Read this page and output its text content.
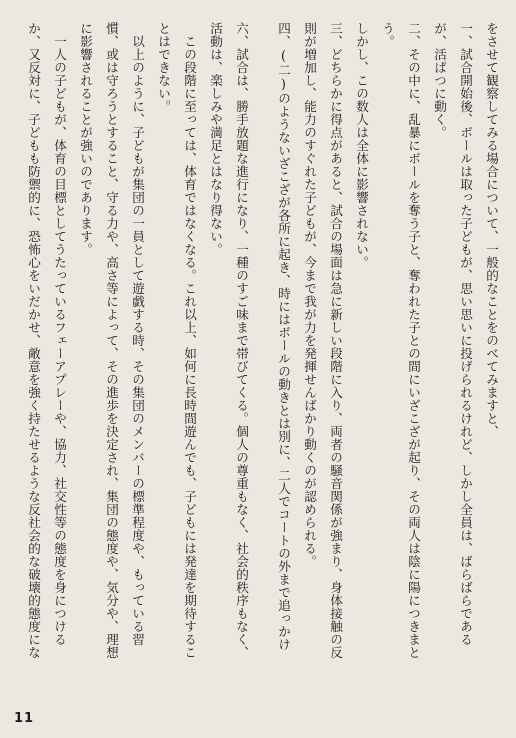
をさせて観察してみる場合について、一般的なことをのべてみますと、

一、試合開始後、ボールは取った子どもが、思い思いに投げられるけれど、しかし全員は、ばらばらであるが、活ぱつに動く。

二、その中に、乱暴にボールを奪う子と、奪われた子との間にいざこざが起り、その両人は陰に陽につきまとう。

しかし、この数人は全体に影響されない。

三、どちらかに得点があると、試合の場面は急に新しい段階に入り、両者の騒音関係が強まり、身体接触の反則が増加し、能力のすぐれた子どもが、今まで我が力を発揮せんばかり動くのが認められる。

四、(二)のようないざこざが各所に起き、時にはボールの動きとは別に、二人でコートの外まで追っかけ

六、試合は、勝手放題な進行になり、一種のすご味まで帯びてくる。個人の尊重もなく、社会的秩序もなく、活動は、楽しみや満足とはなり得ない。

この段階に至っては、体育ではなくなる。これ以上、如何に長時間遊んでも、子どもには発達を期待することはできない。

以上のように、子どもが集団の一員として遊戯する時、その集団のメンバーの標準程度や、もっている習慣、或は守ろうとすること、守る力や、高さ等によって、その進歩を決定され、集団の態度や、気分や、理想に影響されることが強いのであります。

一人の子どもが、体育の目標としてうたっているフェーアプレーや、協力、社交性等の態度を身につけるか、又反対に、子どもも防禦的に、恐怖心をいだかせ、敵意を強く持たせるような反社会的な破壊的態度にな

11
